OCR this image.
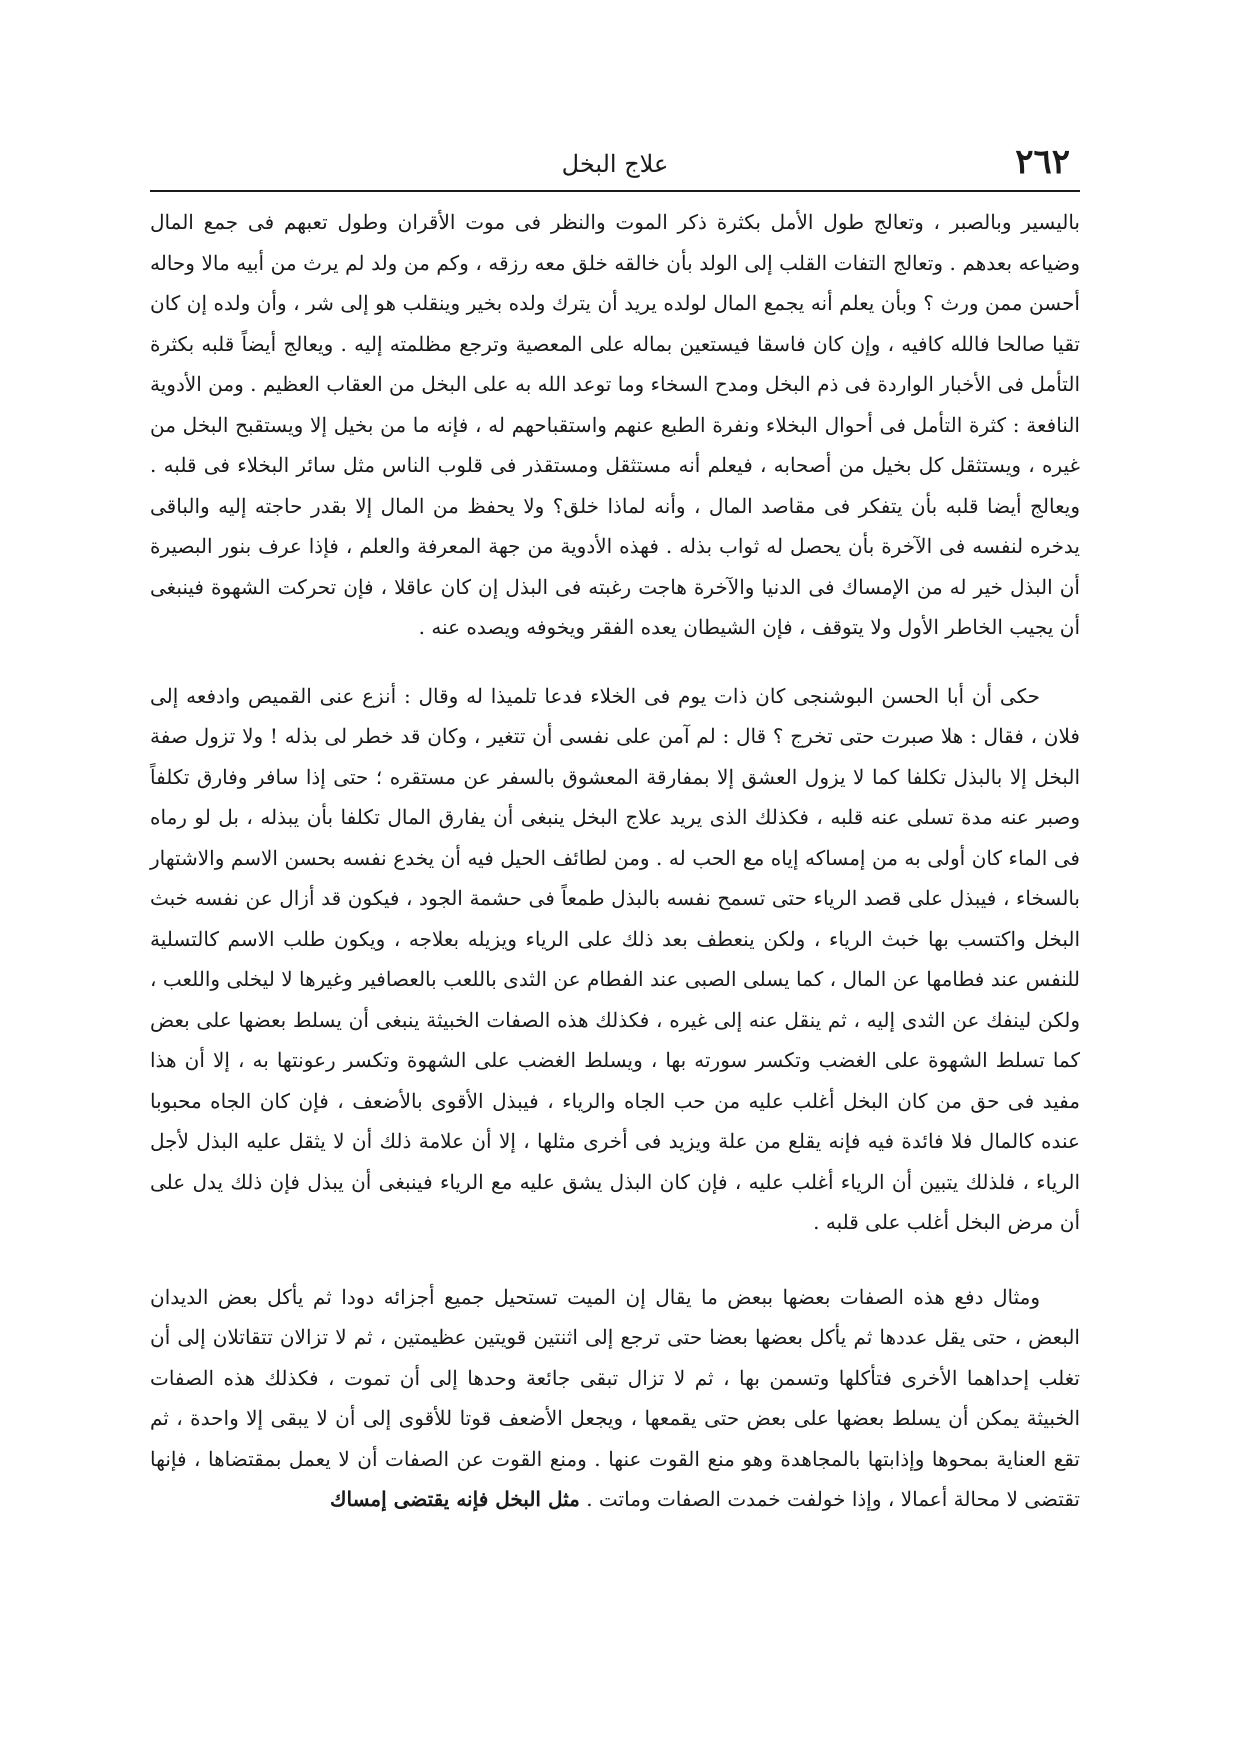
٢٦٢
علاج البخل

باليسير وبالصبر ، وتعالج طول الأمل بكثرة ذكر الموت والنظر فى موت الأقران وطول تعبهم فى جمع المال وضياعه بعدهم . وتعالج التفات القلب إلى الولد بأن خالقه خلق معه رزقه ، وكم من ولد لم يرث من أبيه مالا وحاله أحسن ممن ورث ؟ وبأن يعلم أنه يجمع المال لولده يريد أن يترك ولده بخير وينقلب هو إلى شر ، وأن ولده إن كان تقيا صالحا فالله كافيه ، وإن كان فاسقا فيستعين بماله على المعصية وترجع مظلمته إليه . ويعالج أيضاً قلبه بكثرة التأمل فى الأخبار الواردة فى ذم البخل ومدح السخاء وما توعد الله به على البخل من العقاب العظيم . ومن الأدوية النافعة : كثرة التأمل فى أحوال البخلاء ونفرة الطبع عنهم واستقباحهم له ، فإنه ما من بخيل إلا ويستقبح البخل من غيره ، ويستثقل كل بخيل من أصحابه ، فيعلم أنه مستثقل ومستقذر فى قلوب الناس مثل سائر البخلاء فى قلبه . ويعالج أيضا قلبه بأن يتفكر فى مقاصد المال ، وأنه لماذا خلق؟ ولا يحفظ من المال إلا بقدر حاجته إليه والباقى يدخره لنفسه فى الآخرة بأن يحصل له ثواب بذله . فهذه الأدوية من جهة المعرفة والعلم ، فإذا عرف بنور البصيرة أن البذل خير له من الإمساك فى الدنيا والآخرة هاجت رغبته فى البذل إن كان عاقلا ، فإن تحركت الشهوة فينبغى أن يجيب الخاطر الأول ولا يتوقف ، فإن الشيطان يعده الفقر ويخوفه ويصده عنه .

حكى أن أبا الحسن البوشنجى كان ذات يوم فى الخلاء فدعا تلميذا له وقال : أنزع عنى القميص وادفعه إلى فلان ، فقال : هلا صبرت حتى تخرج ؟ قال : لم آمن على نفسى أن تتغير ، وكان قد خطر لى بذله ! ولا تزول صفة البخل إلا بالبذل تكلفا كما لا يزول العشق إلا بمفارقة المعشوق بالسفر عن مستقره ؛ حتى إذا سافر وفارق تكلفاً وصبر عنه مدة تسلى عنه قلبه ، فكذلك الذى يريد علاج البخل ينبغى أن يفارق المال تكلفا بأن يبذله ، بل لو رماه فى الماء كان أولى به من إمساكه إياه مع الحب له . ومن لطائف الحيل فيه أن يخدع نفسه بحسن الاسم والاشتهار بالسخاء ، فيبذل على قصد الرياء حتى تسمح نفسه بالبذل طمعاً فى حشمة الجود ، فيكون قد أزال عن نفسه خبث البخل واكتسب بها خبث الرياء ، ولكن ينعطف بعد ذلك على الرياء ويزيله بعلاجه ، ويكون طلب الاسم كالتسلية للنفس عند فطامها عن المال ، كما يسلى الصبى عند الفطام عن الثدى باللعب بالعصافير وغيرها لا ليخلى واللعب ، ولكن لينفك عن الثدى إليه ، ثم ينقل عنه إلى غيره ، فكذلك هذه الصفات الخبيثة ينبغى أن يسلط بعضها على بعض كما تسلط الشهوة على الغضب وتكسر سورته بها ، ويسلط الغضب على الشهوة وتكسر رعونتها به ، إلا أن هذا مفيد فى حق من كان البخل أغلب عليه من حب الجاه والرياء ، فيبذل الأقوى بالأضعف ، فإن كان الجاه محبوبا عنده كالمال فلا فائدة فيه فإنه يقلع من علة ويزيد فى أخرى مثلها ، إلا أن علامة ذلك أن لا يثقل عليه البذل لأجل الرياء ، فلذلك يتبين أن الرياء أغلب عليه ، فإن كان البذل يشق عليه مع الرياء فينبغى أن يبذل فإن ذلك يدل على أن مرض البخل أغلب على قلبه .

ومثال دفع هذه الصفات بعضها ببعض ما يقال إن الميت تستحيل جميع أجزائه دودا ثم يأكل بعض الديدان البعض ، حتى يقل عددها ثم يأكل بعضها بعضا حتى ترجع إلى اثنتين قويتين عظيمتين ، ثم لا تزالان تتقاتلان إلى أن تغلب إحداهما الأخرى فتأكلها وتسمن بها ، ثم لا تزال تبقى جائعة وحدها إلى أن تموت ، فكذلك هذه الصفات الخبيثة يمكن أن يسلط بعضها على بعض حتى يقمعها ، ويجعل الأضعف قوتا للأقوى إلى أن لا يبقى إلا واحدة ، ثم تقع العناية بمحوها وإذابتها بالمجاهدة وهو منع القوت عنها . ومنع القوت عن الصفات أن لا يعمل بمقتضاها ، فإنها تقتضى لا محالة أعمالا ، وإذا خولفت خمدت الصفات وماتت . مثل البخل فإنه يقتضى إمساك
